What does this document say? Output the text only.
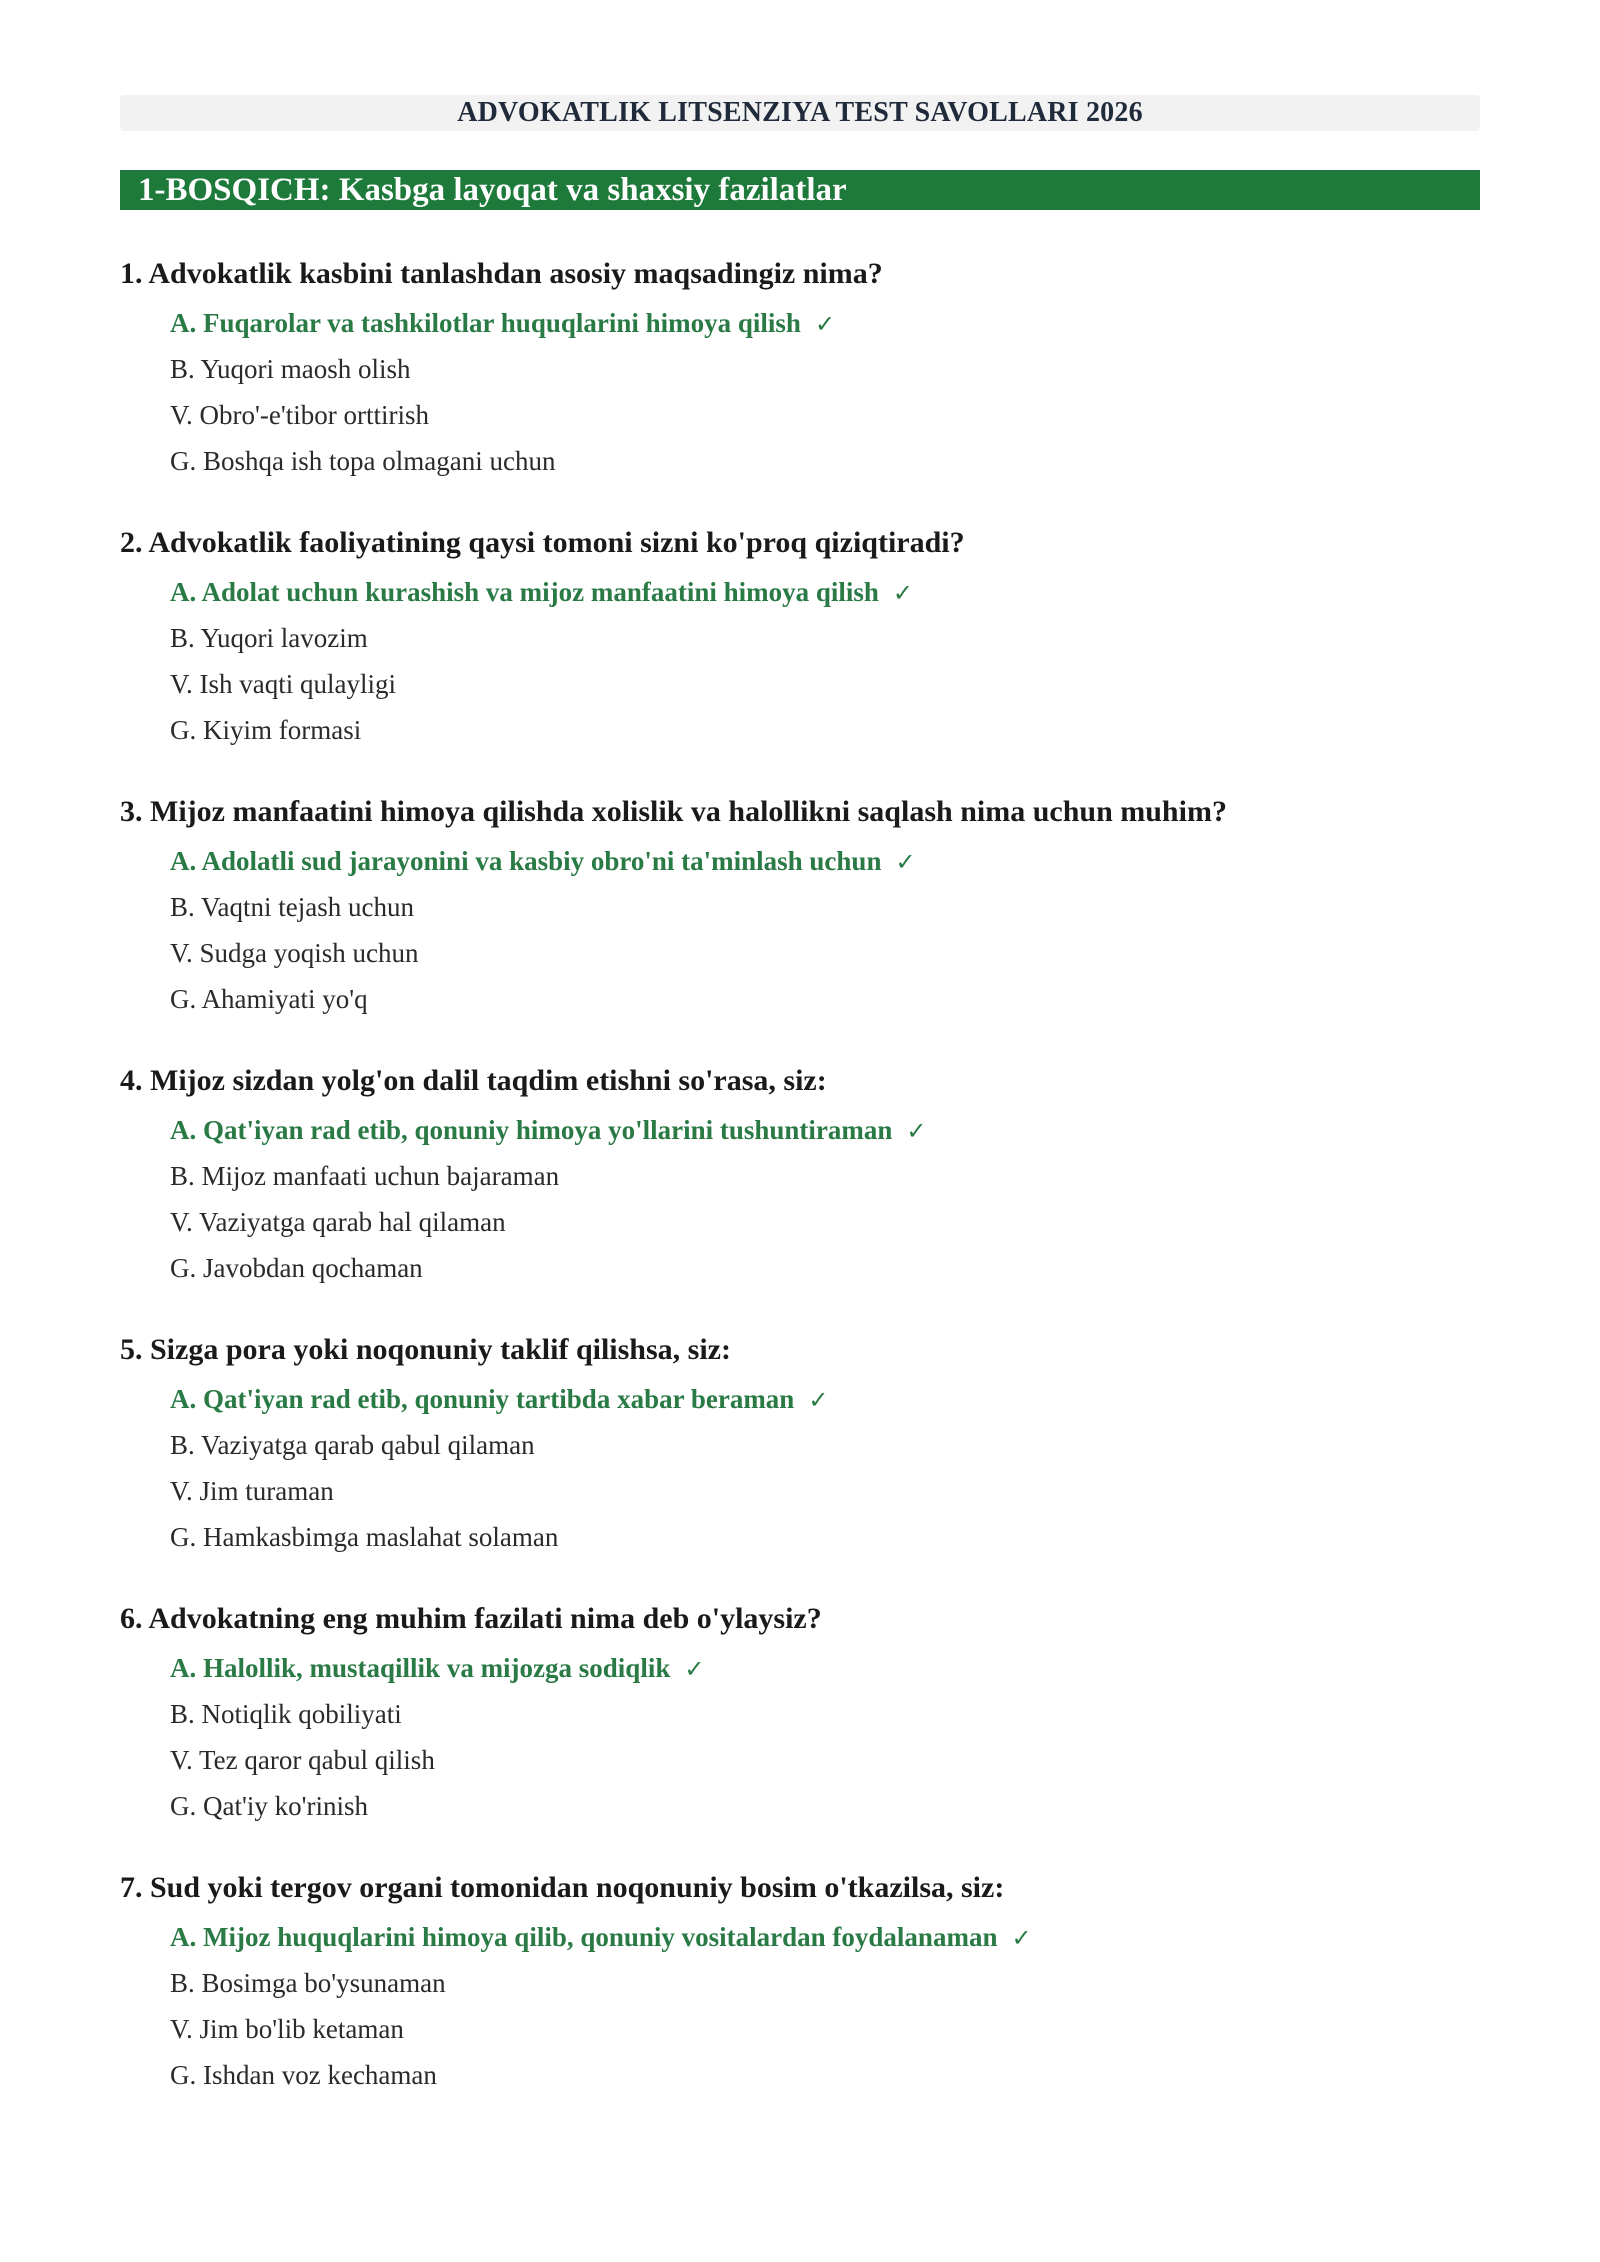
ADVOKATLIK LITSENZIYA TEST SAVOLLARI 2026
1-BOSQICH: Kasbga layoqat va shaxsiy fazilatlar
1. Advokatlik kasbini tanlashdan asosiy maqsadingiz nima?
A. Fuqarolar va tashkilotlar huquqlarini himoya qilish ✓
B. Yuqori maosh olish
V. Obro'-e'tibor orttirish
G. Boshqa ish topa olmagani uchun
2. Advokatlik faoliyatining qaysi tomoni sizni ko'proq qiziqtiradi?
A. Adolat uchun kurashish va mijoz manfaatini himoya qilish ✓
B. Yuqori lavozim
V. Ish vaqti qulayligi
G. Kiyim formasi
3. Mijoz manfaatini himoya qilishda xolislik va halollikni saqlash nima uchun muhim?
A. Adolatli sud jarayonini va kasbiy obro'ni ta'minlash uchun ✓
B. Vaqtni tejash uchun
V. Sudga yoqish uchun
G. Ahamiyati yo'q
4. Mijoz sizdan yolg'on dalil taqdim etishni so'rasa, siz:
A. Qat'iyan rad etib, qonuniy himoya yo'llarini tushuntiraman ✓
B. Mijoz manfaati uchun bajaraman
V. Vaziyatga qarab hal qilaman
G. Javobdan qochaman
5. Sizga pora yoki noqonuniy taklif qilishsa, siz:
A. Qat'iyan rad etib, qonuniy tartibda xabar beraman ✓
B. Vaziyatga qarab qabul qilaman
V. Jim turaman
G. Hamkasbimga maslahat solaman
6. Advokatning eng muhim fazilati nima deb o'ylaysiz?
A. Halollik, mustaqillik va mijozga sodiqlik ✓
B. Notiqlik qobiliyati
V. Tez qaror qabul qilish
G. Qat'iy ko'rinish
7. Sud yoki tergov organi tomonidan noqonuniy bosim o'tkazilsa, siz:
A. Mijoz huquqlarini himoya qilib, qonuniy vositalardan foydalanaman ✓
B. Bosimga bo'ysunaman
V. Jim bo'lib ketaman
G. Ishdan voz kechaman
